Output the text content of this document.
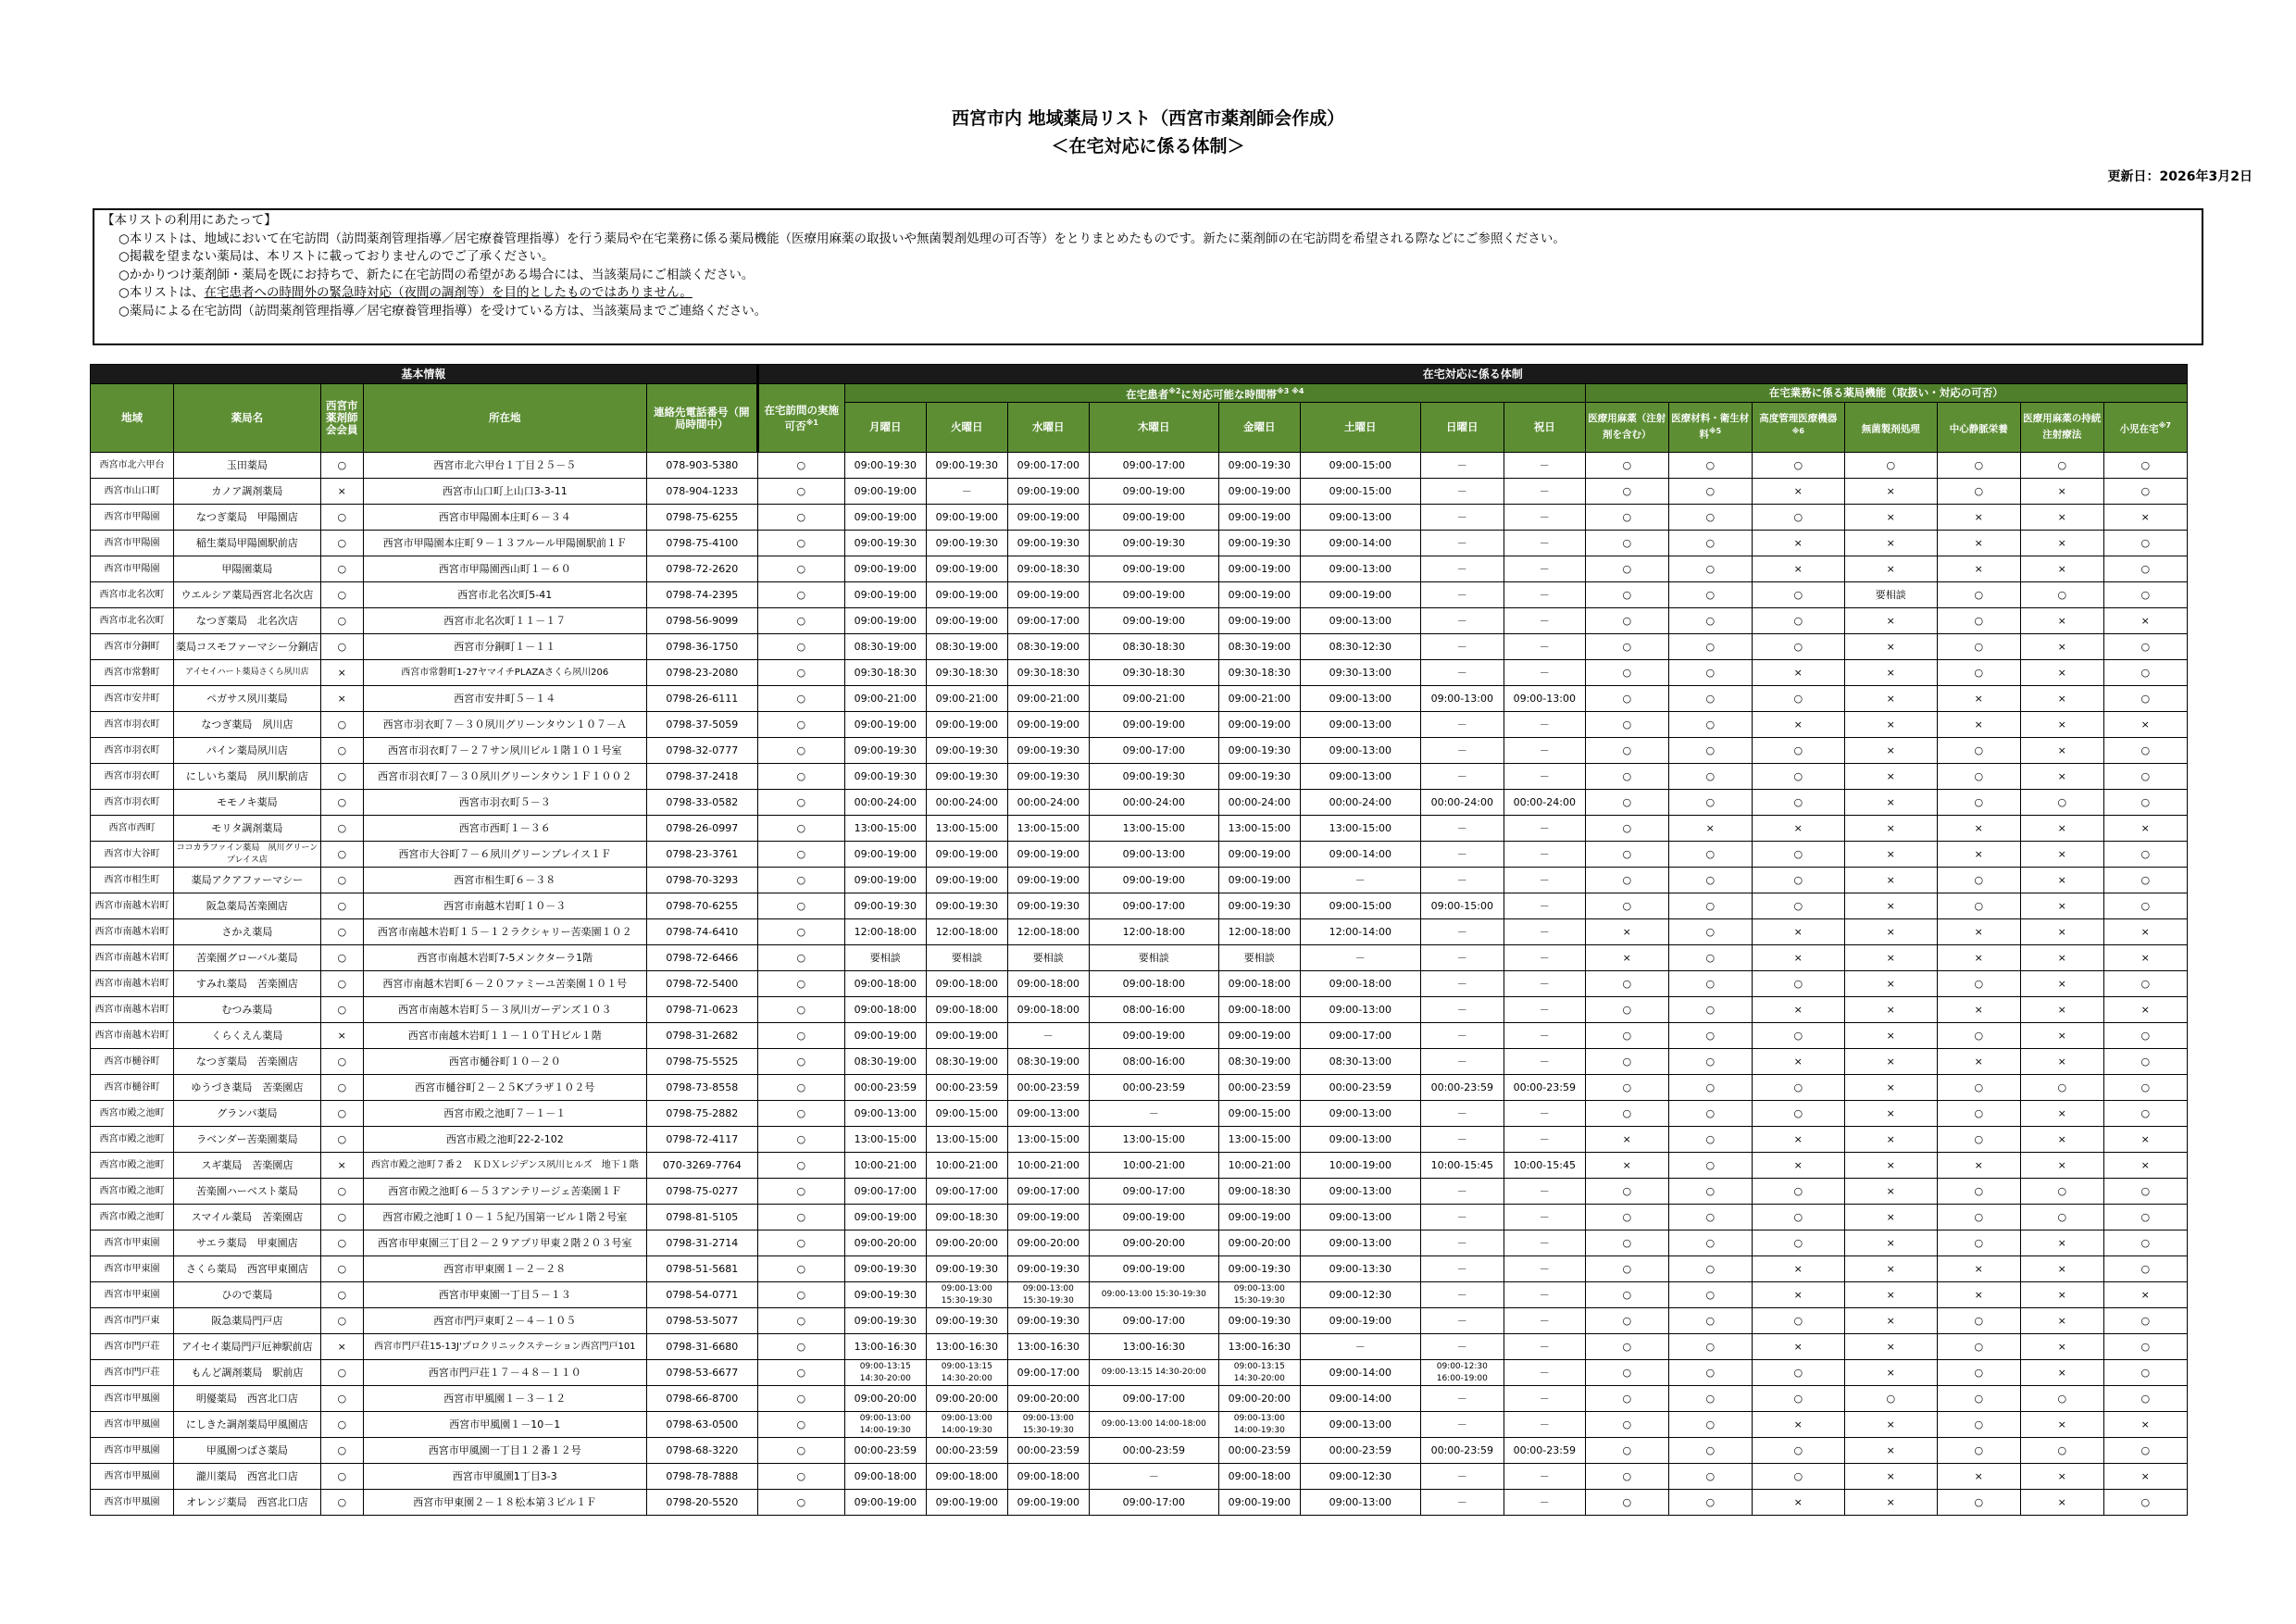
西宮市内 地域薬局リスト（西宮市薬剤師会作成）
＜在宅対応に係る体制＞
更新日：2026年3月2日
【本リストの利用にあたって】
○本リストは、地域において在宅訪問（訪問薬剤管理指導／居宅療養管理指導）を行う薬局や在宅業務に係る薬局機能（医療用麻薬の取扱いや無菌製剤処理の可否等）をとりまとめたものです。新たに薬剤師の在宅訪問を希望される際などにご参照ください。
○掲載を望まない薬局は、本リストに載っておりませんのでご了承ください。
○かかりつけ薬剤師・薬局を既にお持ちで、新たに在宅訪問の希望がある場合には、当該薬局にご相談ください。
○本リストは、在宅患者への時間外の緊急時対応（夜間の調剤等）を目的としたものではありません。
○薬局による在宅訪問（訪問薬剤管理指導／居宅療養管理指導）を受けている方は、当該薬局までご連絡ください。
基本情報					在宅対応に係る体制															
地域	薬局名	西宮市薬剤師会会員	所在地	連絡先電話番号（開局時間中）	在宅訪問の実施可否$^{※1}$	在宅患者$^{※2}$に対応可能な時間帯$^{※3 ※4}$								在宅業務に係る薬局機能（取扱い・対応の可否）						
						月曜日	火曜日	水曜日	木曜日	金曜日	土曜日	日曜日	祝日	医療用麻薬（注射剤を含む）	医療材料・衛生材料$^{※5}$	高度管理医療機器$^{※6}$	無菌製剤処理	中心静脈栄養	医療用麻薬の持続注射療法	小児在宅$^{※7}$
西宮市北六甲台	玉田薬局	○	西宮市北六甲台１丁目２５－５	078-903-5380	○	09:00-19:30	09:00-19:30	09:00-17:00	09:00-17:00	09:00-19:30	09:00-15:00	－	－	○	○	○	○	○	○	○
西宮市山口町	カノア調剤薬局	×	西宮市山口町上山口3-3-11	078-904-1233	○	09:00-19:00	－	09:00-19:00	09:00-19:00	09:00-19:00	09:00-15:00	－	－	○	○	×	×	○	×	○
西宮市甲陽園	なつぎ薬局　甲陽園店	○	西宮市甲陽園本庄町６－３４	0798-75-6255	○	09:00-19:00	09:00-19:00	09:00-19:00	09:00-19:00	09:00-19:00	09:00-13:00	－	－	○	○	○	×	×	×	×
西宮市甲陽園	稲生薬局甲陽園駅前店	○	西宮市甲陽園本庄町９－１３フルール甲陽園駅前１Ｆ	0798-75-4100	○	09:00-19:30	09:00-19:30	09:00-19:30	09:00-19:30	09:00-19:30	09:00-14:00	－	－	○	○	×	×	×	×	○
西宮市甲陽園	甲陽園薬局	○	西宮市甲陽園西山町１－６０	0798-72-2620	○	09:00-19:00	09:00-19:00	09:00-18:30	09:00-19:00	09:00-19:00	09:00-13:00	－	－	○	○	×	×	×	×	○
西宮市北名次町	ウエルシア薬局西宮北名次店	○	西宮市北名次町5-41	0798-74-2395	○	09:00-19:00	09:00-19:00	09:00-19:00	09:00-19:00	09:00-19:00	09:00-19:00	－	－	○	○	○	要相談	○	○	○
西宮市北名次町	なつぎ薬局　北名次店	○	西宮市北名次町１１－１７	0798-56-9099	○	09:00-19:00	09:00-19:00	09:00-17:00	09:00-19:00	09:00-19:00	09:00-13:00	－	－	○	○	○	×	○	×	×
西宮市分銅町	薬局コスモファーマシー分銅店	○	西宮市分銅町１－１１	0798-36-1750	○	08:30-19:00	08:30-19:00	08:30-19:00	08:30-18:30	08:30-19:00	08:30-12:30	－	－	○	○	○	×	○	×	○
西宮市常磐町	アイセイハート薬局さくら夙川店	×	西宮市常磐町1-27ヤマイチPLAZAさくら夙川206	0798-23-2080	○	09:30-18:30	09:30-18:30	09:30-18:30	09:30-18:30	09:30-18:30	09:30-13:00	－	－	○	○	×	×	○	×	○
西宮市安井町	ペガサス夙川薬局	×	西宮市安井町５－１４	0798-26-6111	○	09:00-21:00	09:00-21:00	09:00-21:00	09:00-21:00	09:00-21:00	09:00-13:00	09:00-13:00	09:00-13:00	○	○	○	×	×	×	○
西宮市羽衣町	なつぎ薬局　夙川店	○	西宮市羽衣町７－３０夙川グリーンタウン１０７－Ａ	0798-37-5059	○	09:00-19:00	09:00-19:00	09:00-19:00	09:00-19:00	09:00-19:00	09:00-13:00	－	－	○	○	×	×	×	×	×
西宮市羽衣町	パイン薬局夙川店	○	西宮市羽衣町７－２７サン夙川ビル１階１０１号室	0798-32-0777	○	09:00-19:30	09:00-19:30	09:00-19:30	09:00-17:00	09:00-19:30	09:00-13:00	－	－	○	○	○	×	○	×	○
西宮市羽衣町	にしいち薬局　夙川駅前店	○	西宮市羽衣町７－３０夙川グリーンタウン１Ｆ１００２	0798-37-2418	○	09:00-19:30	09:00-19:30	09:00-19:30	09:00-19:30	09:00-19:30	09:00-13:00	－	－	○	○	○	×	○	×	○
西宮市羽衣町	モモノキ薬局	○	西宮市羽衣町５－３	0798-33-0582	○	00:00-24:00	00:00-24:00	00:00-24:00	00:00-24:00	00:00-24:00	00:00-24:00	00:00-24:00	00:00-24:00	○	○	○	×	○	○	○
西宮市西町	モリタ調剤薬局	○	西宮市西町１－３６	0798-26-0997	○	13:00-15:00	13:00-15:00	13:00-15:00	13:00-15:00	13:00-15:00	13:00-15:00	－	－	○	×	×	×	×	×	×
西宮市大谷町	ココカラファイン薬局　夙川グリーンプレイス店	○	西宮市大谷町７－６夙川グリーンプレイス１Ｆ	0798-23-3761	○	09:00-19:00	09:00-19:00	09:00-19:00	09:00-13:00	09:00-19:00	09:00-14:00	－	－	○	○	○	×	×	×	○
西宮市相生町	薬局アクアファーマシー	○	西宮市相生町６－３８	0798-70-3293	○	09:00-19:00	09:00-19:00	09:00-19:00	09:00-19:00	09:00-19:00	－	－	－	○	○	○	×	○	×	○
西宮市南越木岩町	阪急薬局苦楽園店	○	西宮市南越木岩町１０－３	0798-70-6255	○	09:00-19:30	09:00-19:30	09:00-19:30	09:00-17:00	09:00-19:30	09:00-15:00	09:00-15:00	－	○	○	○	×	○	×	○
西宮市南越木岩町	さかえ薬局	○	西宮市南越木岩町１５－１２ラクシャリー苦楽園１０２	0798-74-6410	○	12:00-18:00	12:00-18:00	12:00-18:00	12:00-18:00	12:00-18:00	12:00-14:00	－	－	×	○	×	×	×	×	×
西宮市南越木岩町	苦楽園グローバル薬局	○	西宮市南越木岩町7-5メンクターラ1階	0798-72-6466	○	要相談	要相談	要相談	要相談	要相談	－	－	－	×	○	×	×	×	×	×
西宮市南越木岩町	すみれ薬局　苦楽園店	○	西宮市南越木岩町６－２０ファミーユ苦楽園１０１号	0798-72-5400	○	09:00-18:00	09:00-18:00	09:00-18:00	09:00-18:00	09:00-18:00	09:00-18:00	－	－	○	○	○	×	○	×	○
西宮市南越木岩町	むつみ薬局	○	西宮市南越木岩町５－３夙川ガーデンズ１０３	0798-71-0623	○	09:00-18:00	09:00-18:00	09:00-18:00	08:00-16:00	09:00-18:00	09:00-13:00	－	－	○	○	×	×	×	×	×
西宮市南越木岩町	くらくえん薬局	×	西宮市南越木岩町１１－１０ＴＨビル１階	0798-31-2682	○	09:00-19:00	09:00-19:00	－	09:00-19:00	09:00-19:00	09:00-17:00	－	－	○	○	○	×	○	×	○
西宮市樋谷町	なつぎ薬局　苦楽園店	○	西宮市樋谷町１０－２０	0798-75-5525	○	08:30-19:00	08:30-19:00	08:30-19:00	08:00-16:00	08:30-19:00	08:30-13:00	－	－	○	○	×	×	×	×	○
西宮市樋谷町	ゆうづき薬局　苦楽園店	○	西宮市樋谷町２－２５Kプラザ１０２号	0798-73-8558	○	00:00-23:59	00:00-23:59	00:00-23:59	00:00-23:59	00:00-23:59	00:00-23:59	00:00-23:59	00:00-23:59	○	○	○	×	○	○	○
西宮市殿之池町	グランパ薬局	○	西宮市殿之池町７－１－１	0798-75-2882	○	09:00-13:00	09:00-15:00	09:00-13:00	－	09:00-15:00	09:00-13:00	－	－	○	○	○	×	○	×	○
西宮市殿之池町	ラベンダー苦楽園薬局	○	西宮市殿之池町22-2-102	0798-72-4117	○	13:00-15:00	13:00-15:00	13:00-15:00	13:00-15:00	13:00-15:00	09:00-13:00	－	－	×	○	×	×	○	×	×
西宮市殿之池町	スギ薬局　苦楽園店	×	西宮市殿之池町７番２　ＫＤＸレジデンス夙川ヒルズ　地下１階	070-3269-7764	○	10:00-21:00	10:00-21:00	10:00-21:00	10:00-21:00	10:00-21:00	10:00-19:00	10:00-15:45	10:00-15:45	×	○	×	×	×	×	×
西宮市殿之池町	苦楽園ハーベスト薬局	○	西宮市殿之池町６－５３アンテリージェ苦楽園１Ｆ	0798-75-0277	○	09:00-17:00	09:00-17:00	09:00-17:00	09:00-17:00	09:00-18:30	09:00-13:00	－	－	○	○	○	×	○	○	○
西宮市殿之池町	スマイル薬局　苦楽園店	○	西宮市殿之池町１０－１５紀乃国第一ビル１階２号室	0798-81-5105	○	09:00-19:00	09:00-18:30	09:00-19:00	09:00-19:00	09:00-19:00	09:00-13:00	－	－	○	○	○	×	○	○	○
西宮市甲東園	サエラ薬局　甲東園店	○	西宮市甲東園三丁目２－２９アプリ甲東２階２０３号室	0798-31-2714	○	09:00-20:00	09:00-20:00	09:00-20:00	09:00-20:00	09:00-20:00	09:00-13:00	－	－	○	○	○	×	○	×	○
西宮市甲東園	さくら薬局　西宮甲東園店	○	西宮市甲東園１－２－２８	0798-51-5681	○	09:00-19:30	09:00-19:30	09:00-19:30	09:00-19:00	09:00-19:30	09:00-13:30	－	－	○	○	×	×	×	×	○
西宮市甲東園	ひので薬局	○	西宮市甲東園一丁目５－１３	0798-54-0771	○	09:00-19:30	09:00-13:00 15:30-19:30	09:00-13:00 15:30-19:30	09:00-13:00 15:30-19:30	09:00-13:00 15:30-19:30	09:00-12:30	－	－	○	○	×	×	×	×	×
西宮市門戸東	阪急薬局門戸店	○	西宮市門戸東町２－４－１０５	0798-53-5077	○	09:00-19:30	09:00-19:30	09:00-19:30	09:00-17:00	09:00-19:30	09:00-19:00	－	－	○	○	○	×	○	×	○
西宮市門戸荘	アイセイ薬局門戸厄神駅前店	×	西宮市門戸荘15-13J'プロクリニックステーション西宮門戸101	0798-31-6680	○	13:00-16:30	13:00-16:30	13:00-16:30	13:00-16:30	13:00-16:30	－	－	－	○	○	×	×	○	×	○
西宮市門戸荘	もんど調剤薬局　駅前店	○	西宮市門戸荘１７－４８－１１０	0798-53-6677	○	09:00-13:15 14:30-20:00	09:00-13:15 14:30-20:00	09:00-17:00	09:00-13:15 14:30-20:00	09:00-13:15 14:30-20:00	09:00-14:00	09:00-12:30 16:00-19:00	－	○	○	○	×	○	×	○
西宮市甲風園	明優薬局　西宮北口店	○	西宮市甲風園１－３－１２	0798-66-8700	○	09:00-20:00	09:00-20:00	09:00-20:00	09:00-17:00	09:00-20:00	09:00-14:00	－	－	○	○	○	○	○	○	○
西宮市甲風園	にしきた調剤薬局甲風園店	○	西宮市甲風園１－10－1	0798-63-0500	○	09:00-13:00 14:00-19:30	09:00-13:00 14:00-19:30	09:00-13:00 15:30-19:30	09:00-13:00 14:00-18:00	09:00-13:00 14:00-19:30	09:00-13:00	－	－	○	○	×	×	○	×	×
西宮市甲風園	甲風園つばさ薬局	○	西宮市甲風園一丁目１２番１２号	0798-68-3220	○	00:00-23:59	00:00-23:59	00:00-23:59	00:00-23:59	00:00-23:59	00:00-23:59	00:00-23:59	00:00-23:59	○	○	○	×	○	○	○
西宮市甲風園	瀧川薬局　西宮北口店	○	西宮市甲風園1丁目3-3	0798-78-7888	○	09:00-18:00	09:00-18:00	09:00-18:00	－	09:00-18:00	09:00-12:30	－	－	○	○	○	×	×	×	×
西宮市甲風園	オレンジ薬局　西宮北口店	○	西宮市甲東園２－１８松本第３ビル１Ｆ	0798-20-5520	○	09:00-19:00	09:00-19:00	09:00-19:00	09:00-17:00	09:00-19:00	09:00-13:00	－	－	○	○	×	×	○	×	○
